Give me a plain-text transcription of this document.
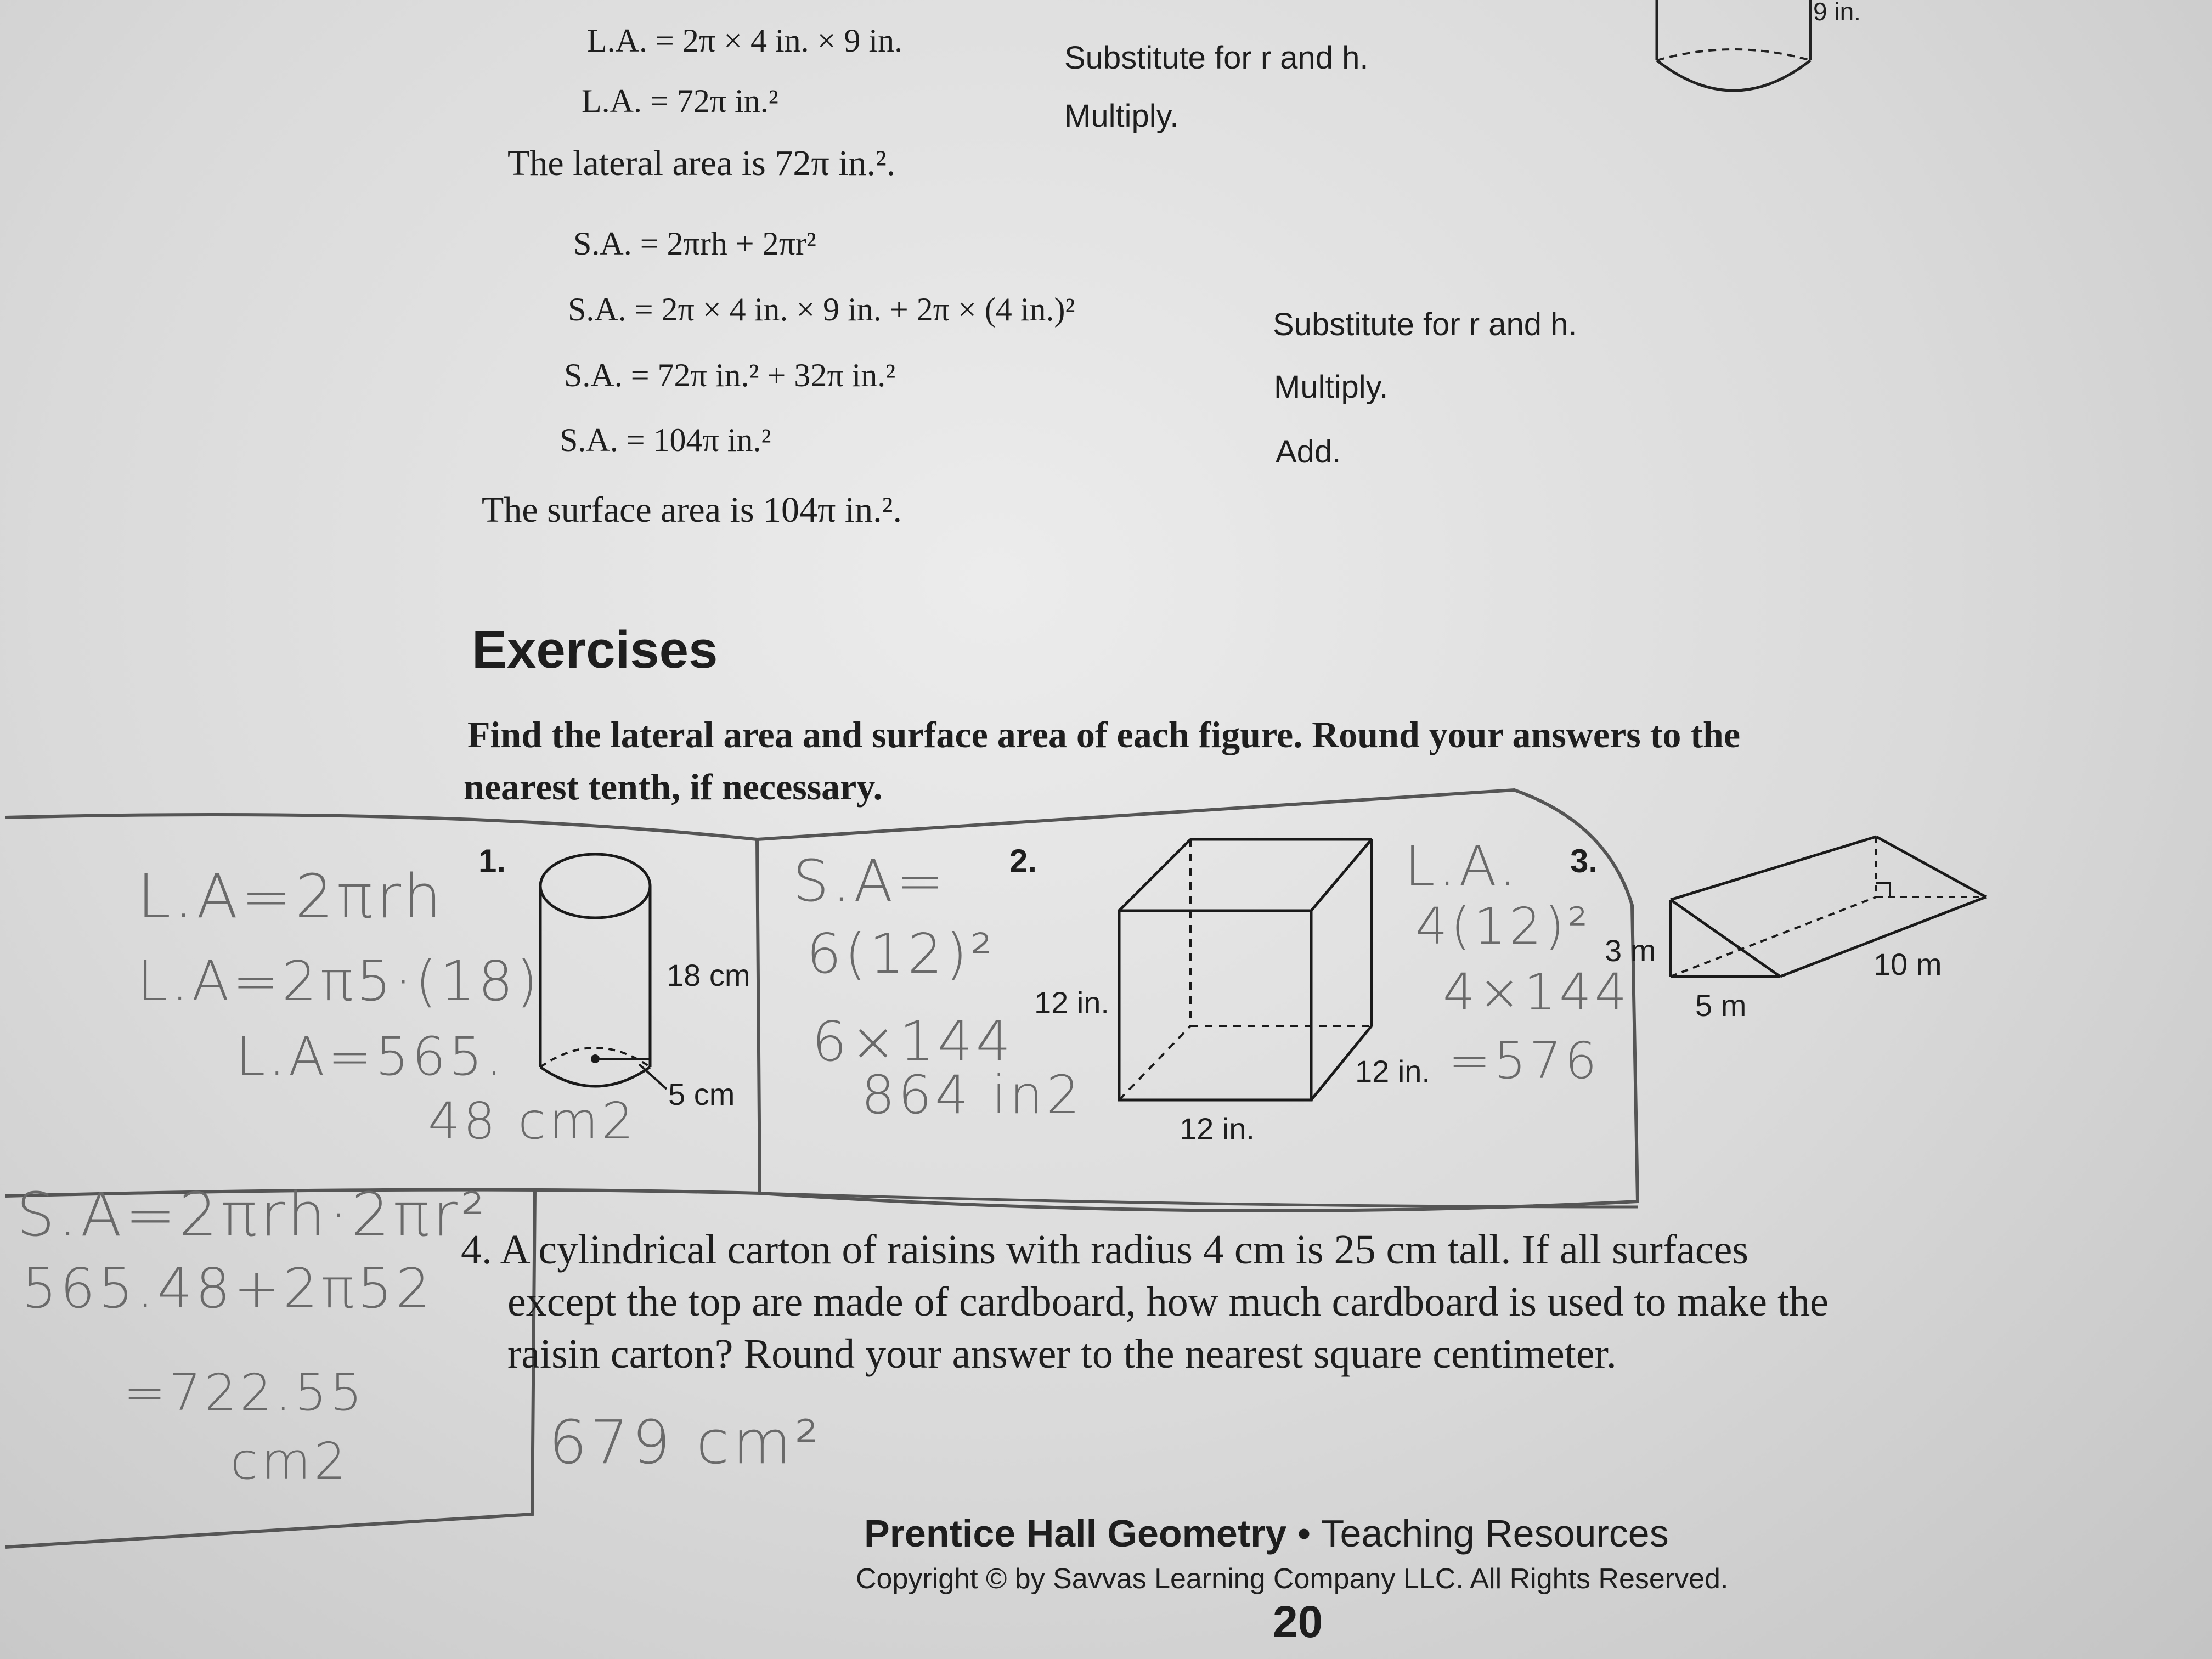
L.A. = 2π × 4 in. × 9 in.	Substitute for r and h.
L.A. = 72π in.²	Multiply.
The lateral area is 72π in.².
S.A. = 2πrh + 2πr²
S.A. = 2π × 4 in. × 9 in. + 2π × (4 in.)²	Substitute for r and h.
S.A. = 72π in.² + 32π in.²	Multiply.
S.A. = 104π in.²	Add.
The surface area is 104π in.².
9 in.
Exercises
Find the lateral area and surface area of each figure. Round your answers to the
nearest tenth, if necessary.
1.
18 cm
5 cm
2.
12 in.
12 in.
12 in.
3.
3 m
5 m
10 m
4. A cylindrical carton of raisins with radius 4 cm is 25 cm tall. If all surfaces
except the top are made of cardboard, how much cardboard is used to make the
raisin carton? Round your answer to the nearest square centimeter.
L.A=2πrh
L.A=2π5·(18)
L.A=565.
48 cm2
S.A=2πrh·2πr²
565.48+2π52
=722.55
cm2
S.A=
6(12)²
6×144
864 in2
L.A.
4(12)²
4×144
=576
679 cm²
Prentice Hall Geometry • Teaching Resources
Copyright © by Savvas Learning Company LLC. All Rights Reserved.
20
